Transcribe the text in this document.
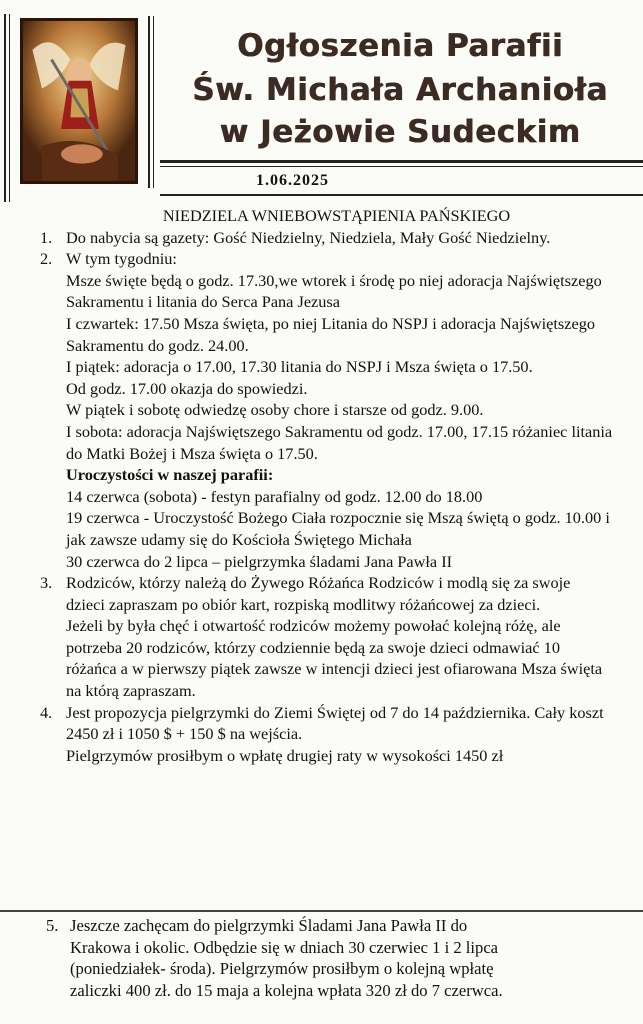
Ogłoszenia Parafii
Św. Michała Archanioła
w Jeżowie Sudeckim
1.06.2025
NIEDZIELA WNIEBOWSTĄPIENIA PAŃSKIEGO
1. Do nabycia są gazety: Gość Niedzielny, Niedziela, Mały Gość Niedzielny.
2. W tym tygodniu:
Msze święte będą o godz. 17.30,we wtorek i środę po niej adoracja Najświętszego Sakramentu i litania do Serca Pana Jezusa
I czwartek: 17.50 Msza święta, po niej Litania do NSPJ i adoracja Najświętszego Sakramentu do godz. 24.00.
I piątek: adoracja o 17.00, 17.30 litania do NSPJ i Msza święta o 17.50.
Od godz. 17.00 okazja do spowiedzi.
W piątek i sobotę odwiedzę osoby chore i starsze od godz. 9.00.
I sobota: adoracja Najświętszego Sakramentu od godz. 17.00, 17.15 różaniec litania do Matki Bożej i Msza święta o 17.50.
Uroczystości w naszej parafii:
14 czerwca (sobota) - festyn parafialny od godz. 12.00 do 18.00
19 czerwca - Uroczystość Bożego Ciała rozpocznie się Mszą świętą o godz. 10.00 i jak zawsze udamy się do Kościoła Świętego Michała
30 czerwca do 2 lipca – pielgrzymka śladami Jana Pawła II
3. Rodziców, którzy należą do Żywego Różańca Rodziców i modlą się za swoje dzieci zapraszam po obiór kart, rozpiską modlitwy różańcowej za dzieci.
Jeżeli by była chęć i otwartość rodziców możemy powołać kolejną różę, ale potrzeba 20 rodziców, którzy codziennie będą za swoje dzieci odmawiać 10 różańca a w pierwszy piątek zawsze w intencji dzieci jest ofiarowana Msza święta na którą zapraszam.
4. Jest propozycja pielgrzymki do Ziemi Świętej od 7 do 14 października. Cały koszt 2450 zł i 1050 $ + 150 $ na wejścia.
Pielgrzymów prosiłbym o wpłatę drugiej raty w wysokości 1450 zł
5. Jeszcze zachęcam do pielgrzymki Śladami Jana Pawła II do
Krakowa i okolic. Odbędzie się w dniach 30 czerwiec 1 i 2 lipca
(poniedziałek- środa). Pielgrzymów prosiłbym o kolejną wpłatę
zaliczki 400 zł. do 15 maja a kolejna wpłata 320 zł do 7 czerwca.
